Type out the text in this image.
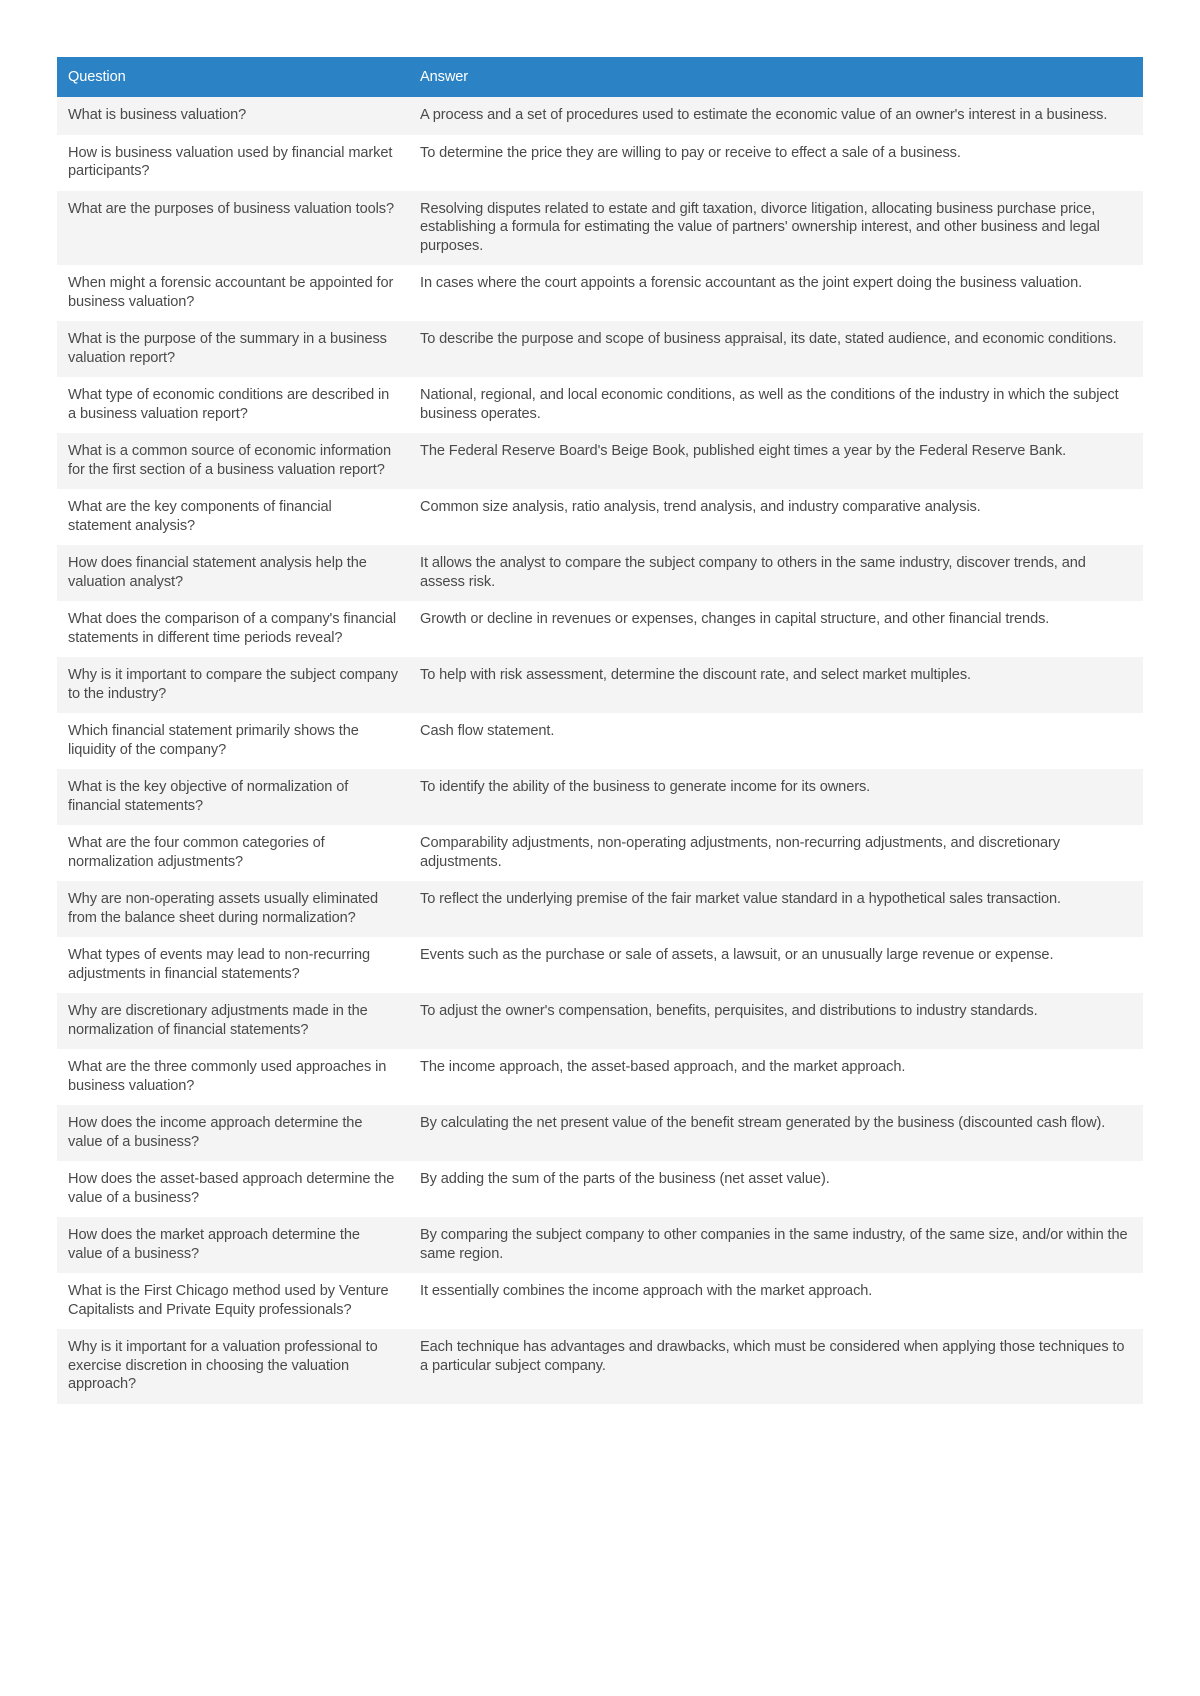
Question	Answer
What is business valuation?	A process and a set of procedures used to estimate the economic value of an owner's interest in a business.
How is business valuation used by financial market participants?	To determine the price they are willing to pay or receive to effect a sale of a business.
What are the purposes of business valuation tools?	Resolving disputes related to estate and gift taxation, divorce litigation, allocating business purchase price, establishing a formula for estimating the value of partners' ownership interest, and other business and legal purposes.
When might a forensic accountant be appointed for business valuation?	In cases where the court appoints a forensic accountant as the joint expert doing the business valuation.
What is the purpose of the summary in a business valuation report?	To describe the purpose and scope of business appraisal, its date, stated audience, and economic conditions.
What type of economic conditions are described in a business valuation report?	National, regional, and local economic conditions, as well as the conditions of the industry in which the subject business operates.
What is a common source of economic information for the first section of a business valuation report?	The Federal Reserve Board's Beige Book, published eight times a year by the Federal Reserve Bank.
What are the key components of financial statement analysis?	Common size analysis, ratio analysis, trend analysis, and industry comparative analysis.
How does financial statement analysis help the valuation analyst?	It allows the analyst to compare the subject company to others in the same industry, discover trends, and assess risk.
What does the comparison of a company's financial statements in different time periods reveal?	Growth or decline in revenues or expenses, changes in capital structure, and other financial trends.
Why is it important to compare the subject company to the industry?	To help with risk assessment, determine the discount rate, and select market multiples.
Which financial statement primarily shows the liquidity of the company?	Cash flow statement.
What is the key objective of normalization of financial statements?	To identify the ability of the business to generate income for its owners.
What are the four common categories of normalization adjustments?	Comparability adjustments, non-operating adjustments, non-recurring adjustments, and discretionary adjustments.
Why are non-operating assets usually eliminated from the balance sheet during normalization?	To reflect the underlying premise of the fair market value standard in a hypothetical sales transaction.
What types of events may lead to non-recurring adjustments in financial statements?	Events such as the purchase or sale of assets, a lawsuit, or an unusually large revenue or expense.
Why are discretionary adjustments made in the normalization of financial statements?	To adjust the owner's compensation, benefits, perquisites, and distributions to industry standards.
What are the three commonly used approaches in business valuation?	The income approach, the asset-based approach, and the market approach.
How does the income approach determine the value of a business?	By calculating the net present value of the benefit stream generated by the business (discounted cash flow).
How does the asset-based approach determine the value of a business?	By adding the sum of the parts of the business (net asset value).
How does the market approach determine the value of a business?	By comparing the subject company to other companies in the same industry, of the same size, and/or within the same region.
What is the First Chicago method used by Venture Capitalists and Private Equity professionals?	It essentially combines the income approach with the market approach.
Why is it important for a valuation professional to exercise discretion in choosing the valuation approach?	Each technique has advantages and drawbacks, which must be considered when applying those techniques to a particular subject company.
